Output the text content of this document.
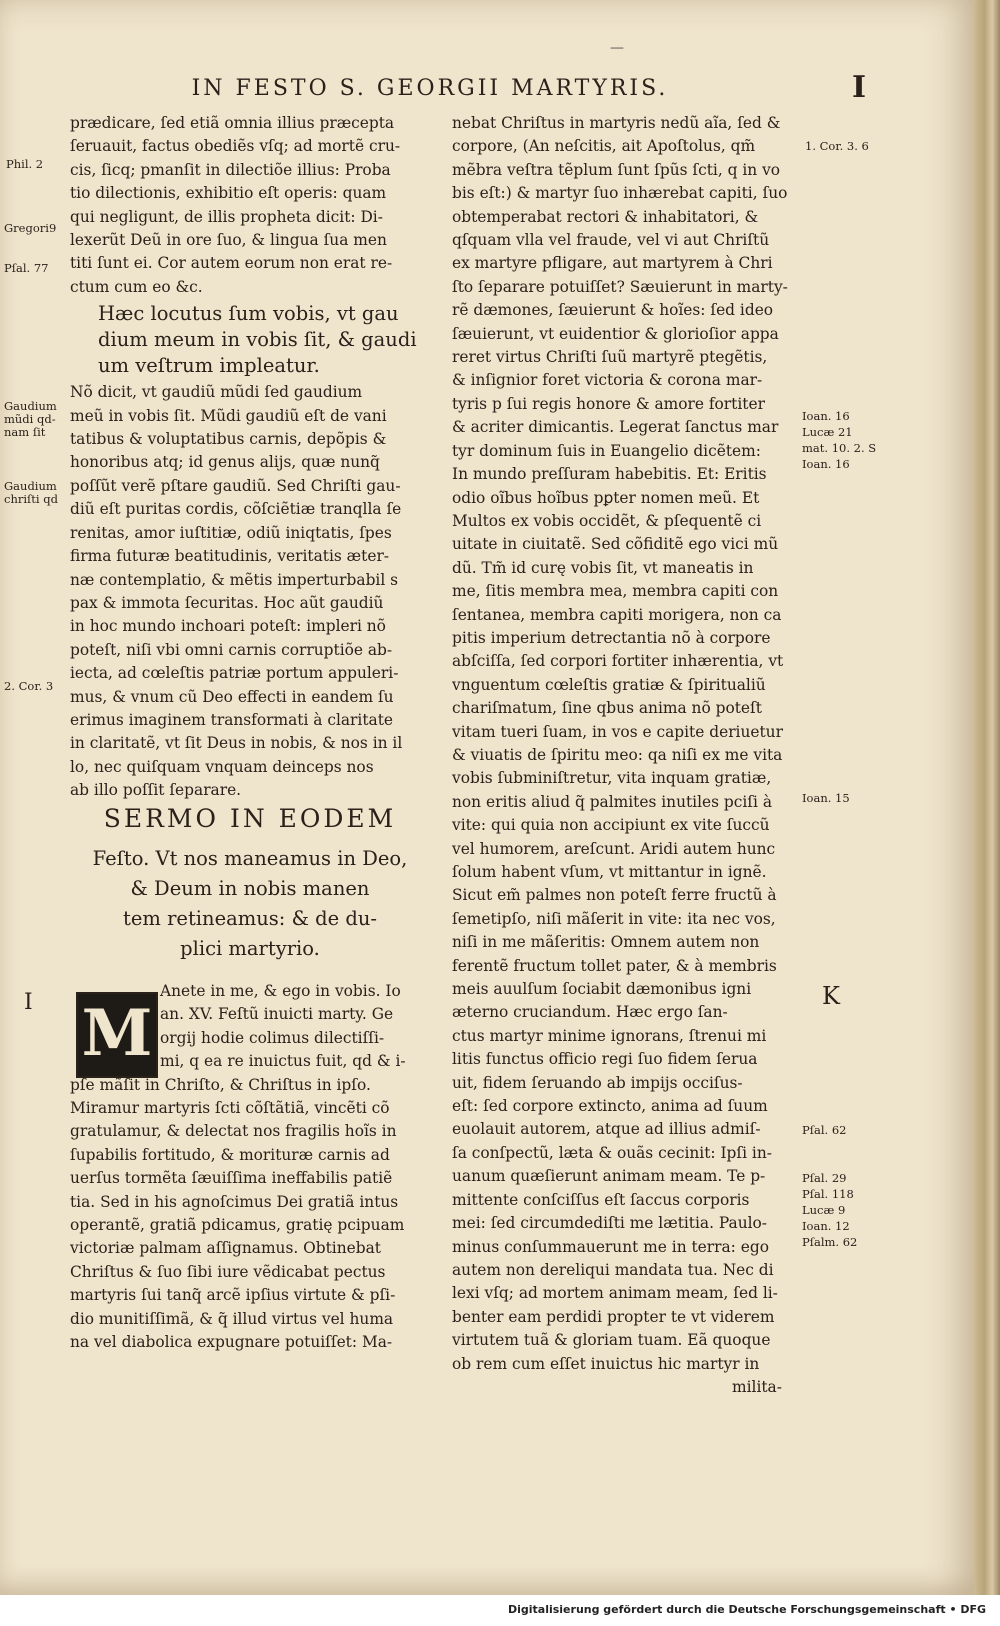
—
IN FESTO S. GEORGII MARTYRIS.	I
prædicare, ſed etiã omnia illius præcepta
ſeruauit, factus obediẽs vſq; ad mortẽ cru-
cis, ſicq; pmanſit in dilectiõe illius: Proba
tio dilectionis, exhibitio eſt operis: quam
qui negligunt, de illis propheta dicit: Di-
lexerũt Deũ in ore ſuo, & lingua ſua men
titi ſunt ei. Cor autem eorum non erat re-
ctum cum eo &c.
Hæc locutus ſum vobis, vt gau
dium meum in vobis ſit, & gaudi
um veſtrum impleatur.
Nõ dicit, vt gaudiũ mũdi ſed gaudium
meũ in vobis ſit. Mũdi gaudiũ eſt de vani
tatibus & voluptatibus carnis, depõpis &
honoribus atq; id genus alijs, quæ nunq̃
poſſũt verẽ pſtare gaudiũ. Sed Chriſti gau-
diũ eſt puritas cordis, cõſciẽtiæ tranqlla ſe
renitas, amor iuſtitiæ, odiũ iniqtatis, ſpes
firma futuræ beatitudinis, veritatis æter-
næ contemplatio, & mẽtis imperturbabil s
pax & immota ſecuritas. Hoc aũt gaudiũ
in hoc mundo inchoari poteſt: impleri nõ
poteſt, niſi vbi omni carnis corruptiõe ab-
iecta, ad cœleſtis patriæ portum appuleri-
mus, & vnum cũ Deo effecti in eandem ſu
erimus imaginem transformati à claritate
in claritatẽ, vt ſit Deus in nobis, & nos in il
lo, nec quiſquam vnquam deinceps nos
ab illo poſſit ſeparare.
SERMO IN EODEM
Feſto. Vt nos maneamus in Deo,
& Deum in nobis manen
tem retineamus: & de du-
plici martyrio.
M
Anete in me, & ego in vobis. Io
an. XV. Feſtũ inuicti marty. Ge
orgij hodie colimus dilectiſſi-
mi, q ea re inuictus fuit, qd & i-
pſe mãſit in Chriſto, & Chriſtus in ipſo.
Miramur martyris ſcti cõſtãtiã, vincẽti cõ
gratulamur, & delectat nos fragilis hoĩs in
ſupabilis fortitudo, & morituræ carnis ad
uerſus tormẽta ſæuiſſima ineffabilis patiẽ
tia. Sed in his agnoſcimus Dei gratiã intus
operantẽ, gratiã pdicamus, gratię pcipuam
victoriæ palmam aſſignamus. Obtinebat
Chriſtus & ſuo ſibi iure vẽdicabat pectus
martyris ſui tanq̃ arcẽ ipſius virtute & pſi-
dio munitiſſimã, & q̃ illud virtus vel huma
na vel diabolica expugnare potuiſſet: Ma-
nebat Chriſtus in martyris nedũ aĩa, ſed &
corpore, (An neſcitis, ait Apoſtolus, qm̃
mẽbra veſtra tẽplum ſunt ſpũs ſcti, q in vo
bis eſt:) & martyr ſuo inhærebat capiti, ſuo
obtemperabat rectori & inhabitatori, &
qſquam vlla vel fraude, vel vi aut Chriſtũ
ex martyre pfligare, aut martyrem à Chri
ſto ſeparare potuiſſet? Sæuierunt in marty-
rẽ dæmones, ſæuierunt & hoĩes: ſed ideo
ſæuierunt, vt euidentior & glorioſior appa
reret virtus Chriſti ſuũ martyrẽ ptegẽtis,
& inſignior foret victoria & corona mar-
tyris p ſui regis honore & amore fortiter
& acriter dimicantis. Legerat ſanctus mar
tyr dominum ſuis in Euangelio dicẽtem:
In mundo preſſuram habebitis. Et: Eritis
odio oĩbus hoĩbus pꝑter nomen meũ. Et
Multos ex vobis occidẽt, & pſequentẽ ci
uitate in ciuitatẽ. Sed cõfiditẽ ego vici mũ
dũ. Tm̃ id curę vobis ſit, vt maneatis in
me, ſitis membra mea, membra capiti con
ſentanea, membra capiti morigera, non ca
pitis imperium detrectantia nõ à corpore
abſciſſa, ſed corpori fortiter inhærentia, vt
vnguentum cœleſtis gratiæ & ſpiritualiũ
chariſmatum, ſine qbus anima nõ poteſt
vitam tueri ſuam, in vos e capite deriuetur
& viuatis de ſpiritu meo: qa niſi ex me vita
vobis ſubminiſtretur, vita inquam gratiæ,
non eritis aliud q̃ palmites inutiles pciſi à
vite: qui quia non accipiunt ex vite ſuccũ
vel humorem, areſcunt. Aridi autem hunc
ſolum habent vſum, vt mittantur in ignẽ.
Sicut em̃ palmes non poteſt ferre fructũ à
ſemetipſo, niſi mãſerit in vite: ita nec vos,
niſi in me mãſeritis: Omnem autem non
ferentẽ fructum tollet pater, & à membris
meis auulſum ſociabit dæmonibus igni
æterno cruciandum. Hæc ergo ſan-
ctus martyr minime ignorans, ſtrenui mi
litis functus officio regi ſuo fidem ſerua
uit, fidem ſeruando ab impijs occiſus-
eſt: ſed corpore extincto, anima ad ſuum
euolauit autorem, atque ad illius admiſ-
ſa conſpectũ, læta & ouãs cecinit: Ipſi in-
uanum quæſierunt animam meam. Te p-
mittente conſciſſus eſt ſaccus corporis
mei: ſed circumdediſti me lætitia. Paulo-
minus conſummauerunt me in terra: ego
autem non dereliqui mandata tua. Nec di
lexi vſq; ad mortem animam meam, ſed li-
benter eam perdidi propter te vt viderem
virtutem tuã & gloriam tuam. Eã quoque
ob rem cum eſſet inuictus hic martyr in
milita-
Phil. 2
Gregori9
Pſal. 77
Gaudium
mũdi qd-
nam ſit
Gaudium
chriſti qd
2. Cor. 3
I
1. Cor. 3. 6
Ioan. 16
Lucæ 21
mat. 10. 2. S
Ioan. 16
Ioan. 15
K
Pſal. 62
Pſal. 29
Pſal. 118
Lucæ 9
Ioan. 12
Pſalm. 62
Digitalisierung gefördert durch die Deutsche Forschungsgemeinschaft • DFG
